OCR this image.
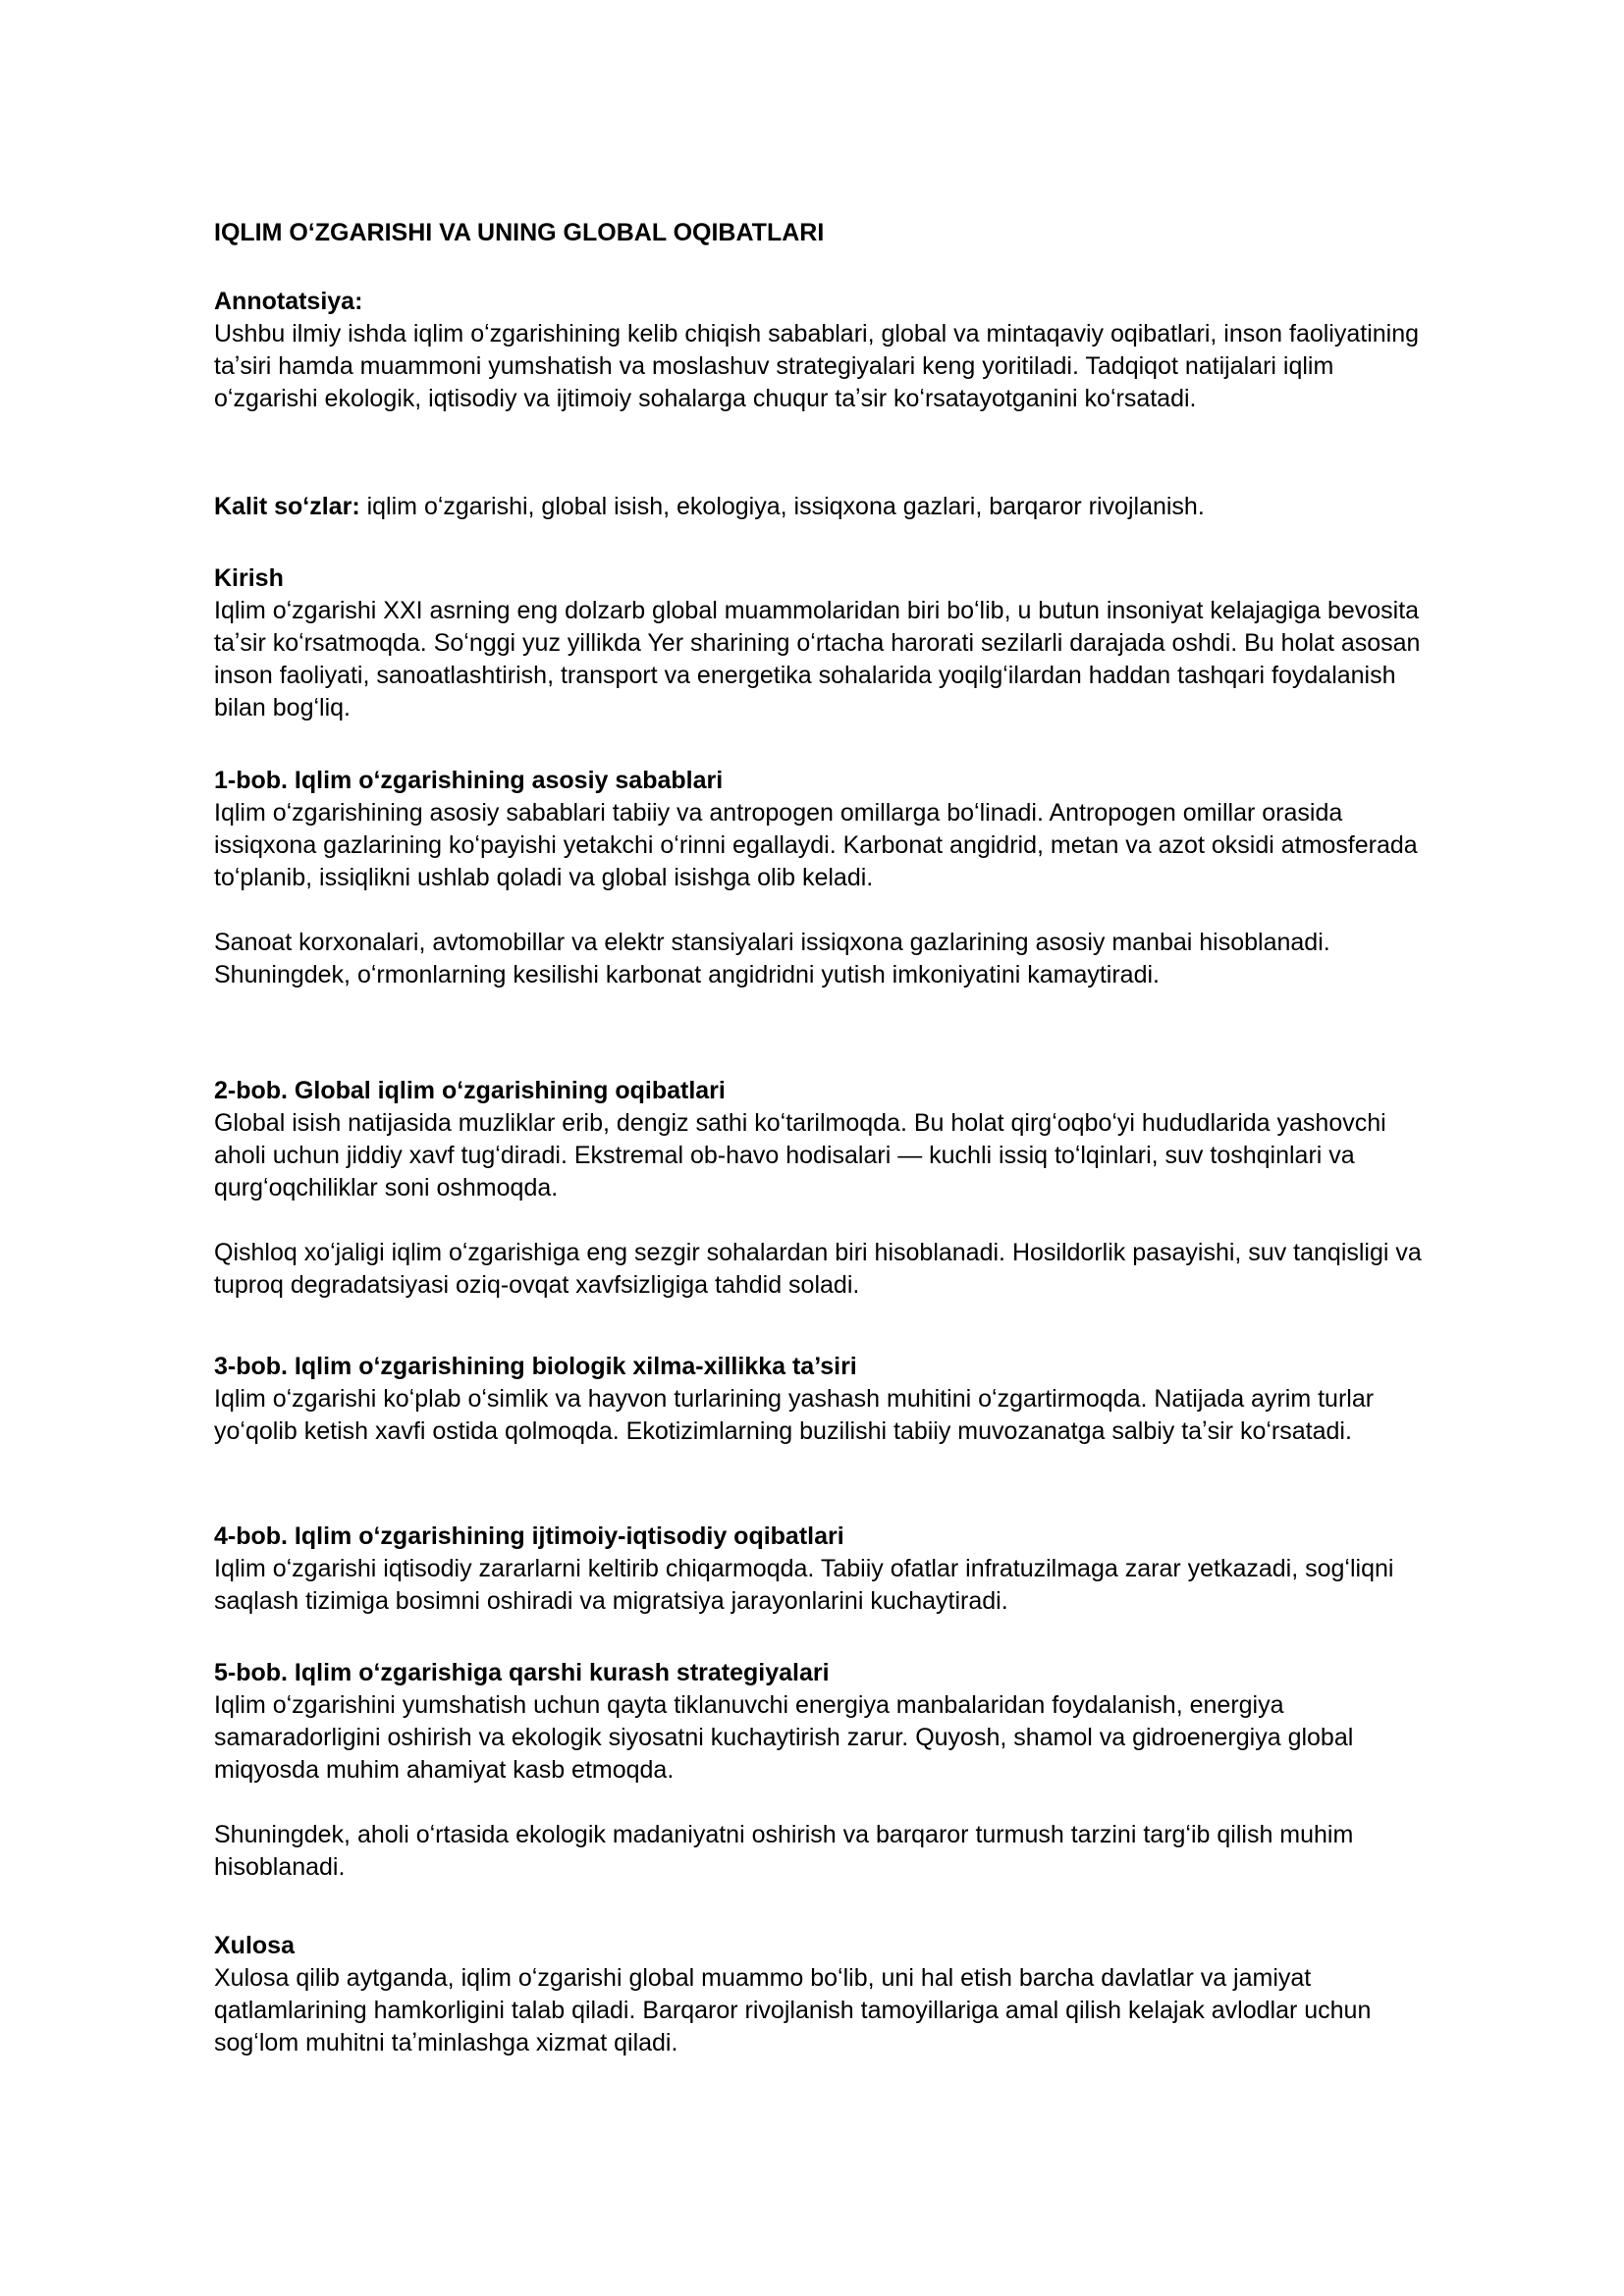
IQLIM O‘ZGARISHI VA UNING GLOBAL OQIBATLARI
Annotatsiya:
Ushbu ilmiy ishda iqlim oʻzgarishining kelib chiqish sabablari, global va mintaqaviy oqibatlari, inson faoliyatining taʼsiri hamda muammoni yumshatish va moslashuv strategiyalari keng yoritiladi. Tadqiqot natijalari iqlim oʻzgarishi ekologik, iqtisodiy va ijtimoiy sohalarga chuqur taʼsir koʻrsatayotganini koʻrsatadi.
Kalit so‘zlar: iqlim oʻzgarishi, global isish, ekologiya, issiqxona gazlari, barqaror rivojlanish.
Kirish
Iqlim oʻzgarishi XXI asrning eng dolzarb global muammolaridan biri boʻlib, u butun insoniyat kelajagiga bevosita taʼsir koʻrsatmoqda. Soʻnggi yuz yillikda Yer sharining oʻrtacha harorati sezilarli darajada oshdi. Bu holat asosan inson faoliyati, sanoatlashtirish, transport va energetika sohalarida yoqilgʻilardan haddan tashqari foydalanish bilan bogʻliq.
1-bob. Iqlim o‘zgarishining asosiy sabablari
Iqlim oʻzgarishining asosiy sabablari tabiiy va antropogen omillarga boʻlinadi. Antropogen omillar orasida issiqxona gazlarining koʻpayishi yetakchi oʻrinni egallaydi. Karbonat angidrid, metan va azot oksidi atmosferada toʻplanib, issiqlikni ushlab qoladi va global isishga olib keladi.
Sanoat korxonalari, avtomobillar va elektr stansiyalari issiqxona gazlarining asosiy manbai hisoblanadi. Shuningdek, oʻrmonlarning kesilishi karbonat angidridni yutish imkoniyatini kamaytiradi.
2-bob. Global iqlim o‘zgarishining oqibatlari
Global isish natijasida muzliklar erib, dengiz sathi koʻtarilmoqda. Bu holat qirgʻoqboʻyi hududlarida yashovchi aholi uchun jiddiy xavf tugʻdiradi. Ekstremal ob-havo hodisalari — kuchli issiq toʻlqinlari, suv toshqinlari va qurgʻoqchiliklar soni oshmoqda.
Qishloq xoʻjaligi iqlim oʻzgarishiga eng sezgir sohalardan biri hisoblanadi. Hosildorlik pasayishi, suv tanqisligi va tuproq degradatsiyasi oziq-ovqat xavfsizligiga tahdid soladi.
3-bob. Iqlim o‘zgarishining biologik xilma-xillikka ta’siri
Iqlim oʻzgarishi koʻplab oʻsimlik va hayvon turlarining yashash muhitini oʻzgartirmoqda. Natijada ayrim turlar yoʻqolib ketish xavfi ostida qolmoqda. Ekotizimlarning buzilishi tabiiy muvozanatga salbiy taʼsir koʻrsatadi.
4-bob. Iqlim o‘zgarishining ijtimoiy-iqtisodiy oqibatlari
Iqlim oʻzgarishi iqtisodiy zararlarni keltirib chiqarmoqda. Tabiiy ofatlar infratuzilmaga zarar yetkazadi, sogʻliqni saqlash tizimiga bosimni oshiradi va migratsiya jarayonlarini kuchaytiradi.
5-bob. Iqlim o‘zgarishiga qarshi kurash strategiyalari
Iqlim oʻzgarishini yumshatish uchun qayta tiklanuvchi energiya manbalaridan foydalanish, energiya samaradorligini oshirish va ekologik siyosatni kuchaytirish zarur. Quyosh, shamol va gidroenergiya global miqyosda muhim ahamiyat kasb etmoqda.
Shuningdek, aholi oʻrtasida ekologik madaniyatni oshirish va barqaror turmush tarzini targʻib qilish muhim hisoblanadi.
Xulosa
Xulosa qilib aytganda, iqlim oʻzgarishi global muammo boʻlib, uni hal etish barcha davlatlar va jamiyat qatlamlarining hamkorligini talab qiladi. Barqaror rivojlanish tamoyillariga amal qilish kelajak avlodlar uchun sogʻlom muhitni taʼminlashga xizmat qiladi.
